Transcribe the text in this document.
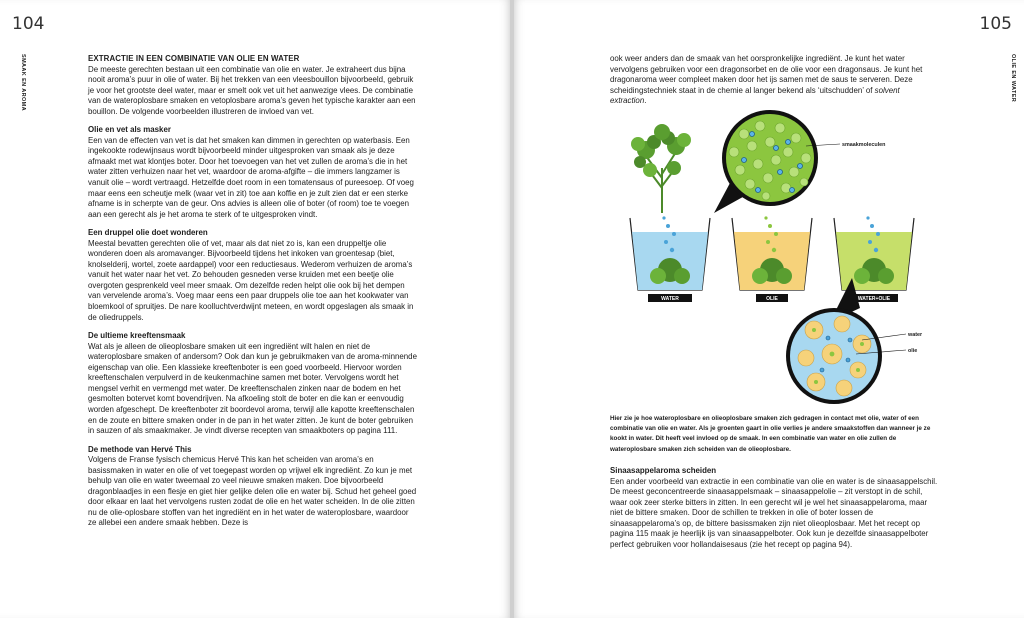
104
SMAAK EN AROMA	EXTRACTIE IN EEN COMBINATIE VAN OLIE EN WATER

De meeste gerechten bestaan uit een combinatie van olie en water. Je extraheert dus bijna nooit aroma’s puur in olie of water. Bij het trekken van een vleesbouillon bijvoorbeeld, gebruik je voor het grootste deel water, maar er smelt ook vet uit het aanwezige vlees. De combinatie van de wateroplosbare smaken en vetoplosbare aroma’s geven het typische karakter aan een bouillon. De volgende voorbeelden illustreren de invloed van vet.

Olie en vet als masker

Een van de effecten van vet is dat het smaken kan dimmen in gerechten op waterbasis. Een ingekookte rodewijnsaus wordt bijvoorbeeld minder uitgesproken van smaak als je deze afmaakt met wat klontjes boter. Door het toevoegen van het vet zullen de aroma’s die in het water zitten verhuizen naar het vet, waardoor de aroma-afgifte – die immers langzamer is vanuit olie – wordt vertraagd. Hetzelfde doet room in een tomatensaus of pureesoep. Of voeg maar eens een scheutje melk (waar vet in zit) toe aan koffie en je zult zien dat er een sterke afname is in scherpte van de geur. Ons advies is alleen olie of boter (of room) toe te voegen aan een gerecht als je het aroma te sterk of te uitgesproken vindt.

Een druppel olie doet wonderen

Meestal bevatten gerechten olie of vet, maar als dat niet zo is, kan een druppeltje olie wonderen doen als aromavanger. Bijvoorbeeld tijdens het inkoken van groentesap (biet, knolselderij, wortel, zoete aardappel) voor een reductiesaus. Wederom verhuizen de aroma’s vanuit het water naar het vet. Zo behouden gesneden verse kruiden met een beetje olie overgoten gesprenkeld veel meer smaak. Om dezelfde reden helpt olie ook bij het dempen van vervelende aroma’s. Voeg maar eens een paar druppels olie toe aan het kookwater van bloemkool of spruitjes. De nare koolluchtverdwijnt meteen, en wordt opgeslagen als smaak in de oliedruppels.

De ultieme kreeftensmaak

Wat als je alleen de olieoplosbare smaken uit een ingrediënt wilt halen en niet de wateroplosbare smaken of andersom? Ook dan kun je gebruikmaken van de aroma-minnende eigenschap van olie. Een klassieke kreeftenboter is een goed voorbeeld. Hiervoor worden kreeftenschalen verpulverd in de keukenmachine samen met boter. Vervolgens wordt het mengsel verhit en vermengd met water. De kreeftenschalen zinken naar de bodem en het gesmolten botervet komt bovendrijven. Na afkoeling stolt de boter en die kan er eenvoudig worden afgeschept. De kreeftenboter zit boordevol aroma, terwijl alle kapotte kreeftenschalen en de zoute en bittere smaken onder in de pan in het water zitten. Je kunt de boter gebruiken in sauzen of als smaakmaker. Je vindt diverse recepten van smaakboters op pagina 111.

De methode van Hervé This

Volgens de Franse fysisch chemicus Hervé This kan het scheiden van aroma’s en basissmaken in water en olie of vet toegepast worden op vrijwel elk ingrediënt. Zo kun je met behulp van olie en water tweemaal zo veel nieuwe smaken maken. Doe bijvoorbeeld dragonblaadjes in een flesje en giet hier gelijke delen olie en water bij. Schud het geheel goed door elkaar en laat het vervolgens rusten zodat de olie en het water scheiden. In de olie zitten nu de olie-oplosbare stoffen van het ingrediënt en in het water de wateroplosbare, waardoor ze allebei een andere smaak hebben. Deze is

105
OLIE EN WATER

ook weer anders dan de smaak van het oorspronkelijke ingrediënt. Je kunt het water vervolgens gebruiken voor een dragonsorbet en de olie voor een dragonsaus. Je kunt het dragonaroma weer compleet maken door het ijs samen met de saus te serveren. Deze scheidingstechniek staat in de chemie al langer bekend als ‘uitschudden’ of solvent extraction.

smaakmoleculen
WATER	OLIE	WATER+OLIE
water
olie
Hier zie je hoe wateroplosbare en olieoplosbare smaken zich gedragen in contact met olie, water of een combinatie van olie en water. Als je groenten gaart in olie verlies je andere smaakstoffen dan wanneer je ze kookt in water. Dit heeft veel invloed op de smaak. In een combinatie van water en olie zullen de wateroplosbare smaken zich scheiden van de olieoplosbare.
Sinaasappelaroma scheiden

Een ander voorbeeld van extractie in een combinatie van olie en water is de sinaasappelschil. De meest geconcentreerde sinaasappelsmaak – sinaasappelolie – zit verstopt in de schil, waar ook zeer sterke bitters in zitten. In een gerecht wil je wel het sinaasappelaroma, maar niet de bittere smaken. Door de schillen te trekken in olie of boter lossen de sinaasappelaroma’s op, de bittere basissmaken zijn niet olieoplosbaar. Met het recept op pagina 115 maak je heerlijk ijs van sinaasappelboter. Ook kun je dezelfde sinaasappelboter perfect gebruiken voor hollandaisesaus (zie het recept op pagina 94).
